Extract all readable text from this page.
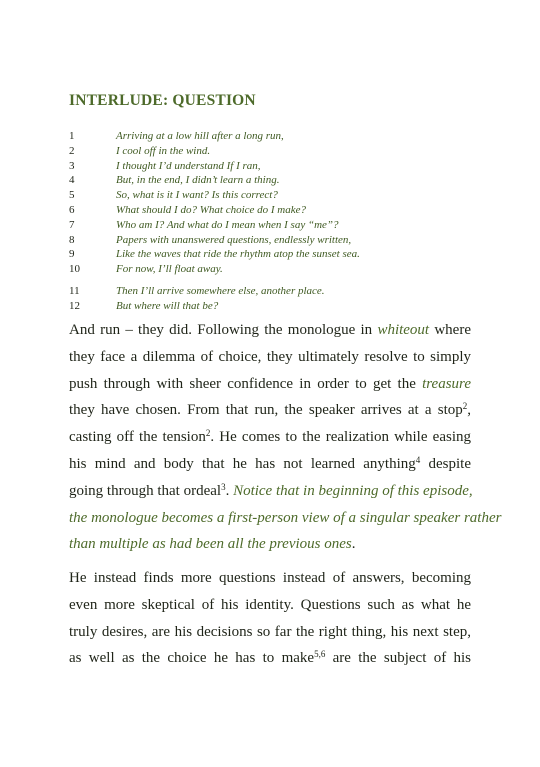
INTERLUDE: QUESTION
1	Arriving at a low hill after a long run,
2	I cool off in the wind.
3	I thought I’d understand If I ran,
4	But, in the end, I didn’t learn a thing.
5	So, what is it I want? Is this correct?
6	What should I do? What choice do I make?
7	Who am I? And what do I mean when I say “me”?
8	Papers with unanswered questions, endlessly written,
9	Like the waves that ride the rhythm atop the sunset sea.
10	For now, I’ll float away.
11	Then I’ll arrive somewhere else, another place.
12	But where will that be?
And run – they did. Following the monologue in whiteout where
they face a dilemma of choice, they ultimately resolve to simply
push through with sheer confidence in order to get the treasure
they have chosen. From that run, the speaker arrives at a stop$^2$,
casting off the tension$^2$. He comes to the realization while easing
his mind and body that he has not learned anything$^4$ despite
going through that ordeal$^3$. Notice that in beginning of this episode,
the monologue becomes a first-person view of a singular speaker rather
than multiple as had been all the previous ones.
He instead finds more questions instead of answers, becoming
even more skeptical of his identity. Questions such as what he
truly desires, are his decisions so far the right thing, his next step,
as well as the choice he has to make$^{5,6}$ are the subject of his
